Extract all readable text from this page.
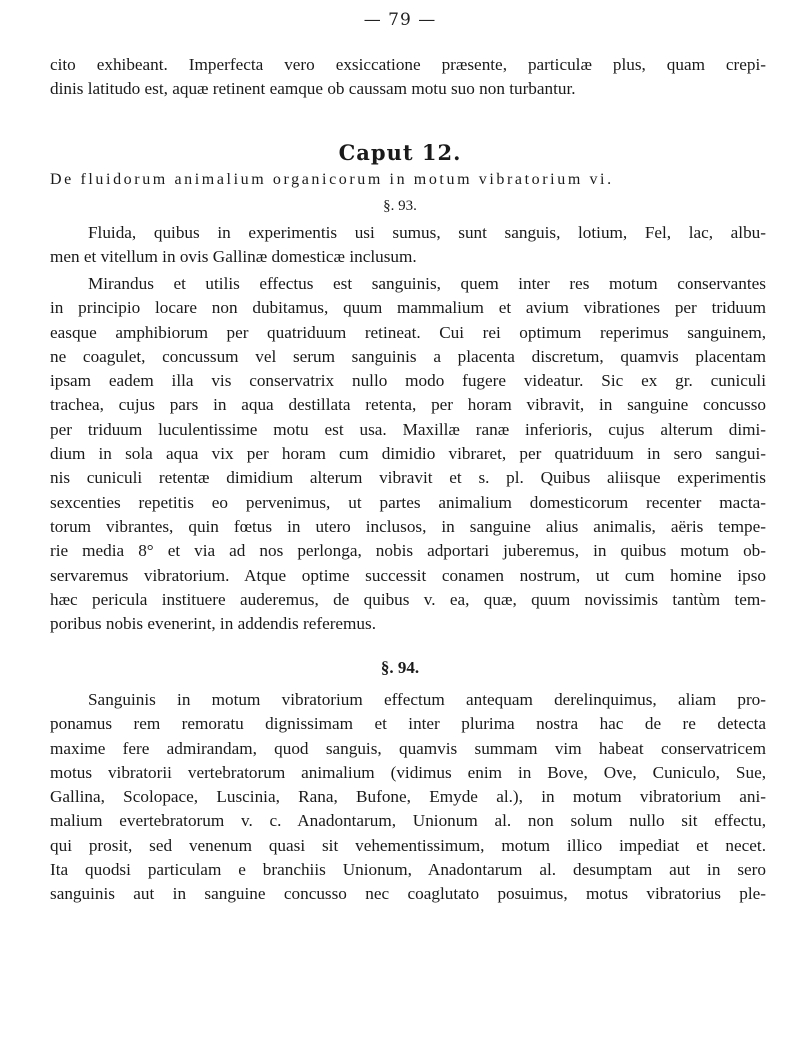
— 79 —
cito exhibeant. Imperfecta vero exsiccatione præsente, particulæ plus, quam crepi-
dinis latitudo est, aquæ retinent eamque ob caussam motu suo non turbantur.
Caput 12.
De fluidorum animalium organicorum in motum vibratorium vi.
§. 93.
Fluida, quibus in experimentis usi sumus, sunt sanguis, lotium, Fel, lac, albu-
men et vitellum in ovis Gallinæ domesticæ inclusum.
Mirandus et utilis effectus est sanguinis, quem inter res motum conservantes
in principio locare non dubitamus, quum mammalium et avium vibrationes per triduum
easque amphibiorum per quatriduum retineat. Cui rei optimum reperimus sanguinem,
ne coagulet, concussum vel serum sanguinis a placenta discretum, quamvis placentam
ipsam eadem illa vis conservatrix nullo modo fugere videatur. Sic ex gr. cuniculi
trachea, cujus pars in aqua destillata retenta, per horam vibravit, in sanguine concusso
per triduum luculentissime motu est usa. Maxillæ ranæ inferioris, cujus alterum dimi-
dium in sola aqua vix per horam cum dimidio vibraret, per quatriduum in sero sangui-
nis cuniculi retentæ dimidium alterum vibravit et s. pl. Quibus aliisque experimentis
sexcenties repetitis eo pervenimus, ut partes animalium domesticorum recenter macta-
torum vibrantes, quin fœtus in utero inclusos, in sanguine alius animalis, aëris tempe-
rie media 8° et via ad nos perlonga, nobis adportari juberemus, in quibus motum ob-
servaremus vibratorium. Atque optime successit conamen nostrum, ut cum homine ipso
hæc pericula instituere auderemus, de quibus v. ea, quæ, quum novissimis tantùm tem-
poribus nobis evenerint, in addendis referemus.
§. 94.
Sanguinis in motum vibratorium effectum antequam derelinquimus, aliam pro-
ponamus rem remoratu dignissimam et inter plurima nostra hac de re detecta
maxime fere admirandam, quod sanguis, quamvis summam vim habeat conservatricem
motus vibratorii vertebratorum animalium (vidimus enim in Bove, Ove, Cuniculo, Sue,
Gallina, Scolopace, Luscinia, Rana, Bufone, Emyde al.), in motum vibratorium ani-
malium evertebratorum v. c. Anadontarum, Unionum al. non solum nullo sit effectu,
qui prosit, sed venenum quasi sit vehementissimum, motum illico impediat et necet.
Ita quodsi particulam e branchiis Unionum, Anadontarum al. desumptam aut in sero
sanguinis aut in sanguine concusso nec coaglutato posuimus, motus vibratorius ple-
